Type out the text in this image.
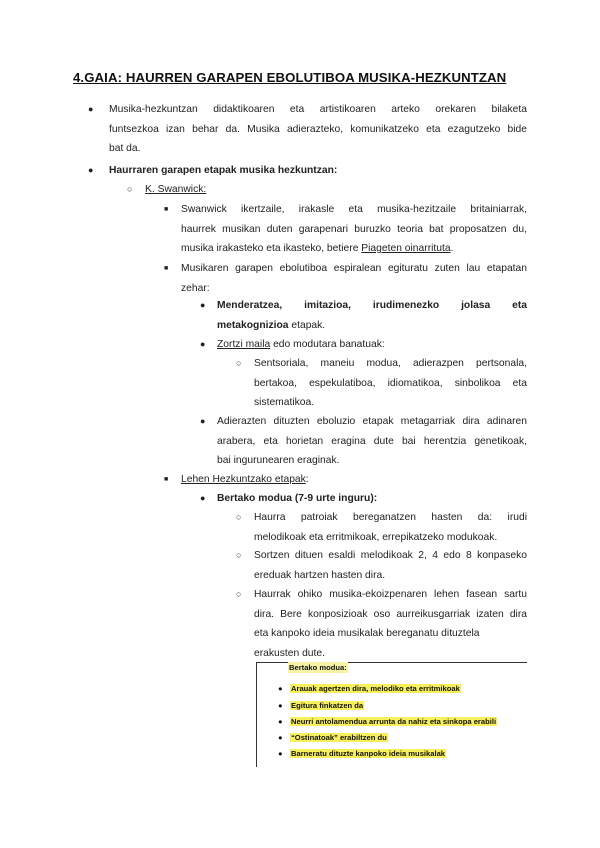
4.GAIA: HAURREN GARAPEN EBOLUTIBOA MUSIKA-HEZKUNTZAN
● Musika-hezkuntzan didaktikoaren eta artistikoaren arteko orekaren bilaketa
funtsezkoa izan behar da. Musika adierazteko, komunikatzeko eta ezagutzeko bide
bat da.
● Haurraren garapen etapak musika hezkuntzan:
○ K. Swanwick:
■ Swanwick ikertzaile, irakasle eta musika-hezitzaile britainiarrak,
haurrek musikan duten garapenari buruzko teoria bat proposatzen du,
musika irakasteko eta ikasteko, betiere Piageten oinarrituta.
■ Musikaren garapen ebolutiboa espiralean egituratu zuten lau etapatan
zehar:
● Menderatzea, imitazioa, irudimenezko jolasa eta
metakognizioa etapak.
● Zortzi maila edo modutara banatuak:
○ Sentsoriala, maneiu modua, adierazpen pertsonala,
bertakoa, espekulatiboa, idiomatikoa, sinbolikoa eta
sistematikoa.
● Adierazten dituzten eboluzio etapak metagarriak dira adinaren
arabera, eta horietan eragina dute bai herentzia genetikoak,
bai ingurunearen eraginak.
■ Lehen Hezkuntzako etapak:
● Bertako modua (7-9 urte inguru):
○ Haurra patroiak bereganatzen hasten da: irudi
melodikoak eta erritmikoak, errepikatzeko modukoak.
○ Sortzen dituen esaldi melodikoak 2, 4 edo 8 konpaseko
ereduak hartzen hasten dira.
○ Haurrak ohiko musika-ekoizpenaren lehen fasean sartu
dira. Bere konposizioak oso aurreikusgarriak izaten dira
eta kanpoko ideia musikalak bereganatu dituztela
erakusten dute.
Bertako modua:
● Arauak agertzen dira, melodiko eta erritmikoak
● Egitura finkatzen da
● Neurri antolamendua arrunta da nahiz eta sinkopa erabili
● “Ostinatoak” erabiltzen du
● Barneratu dituzte kanpoko ideia musikalak
